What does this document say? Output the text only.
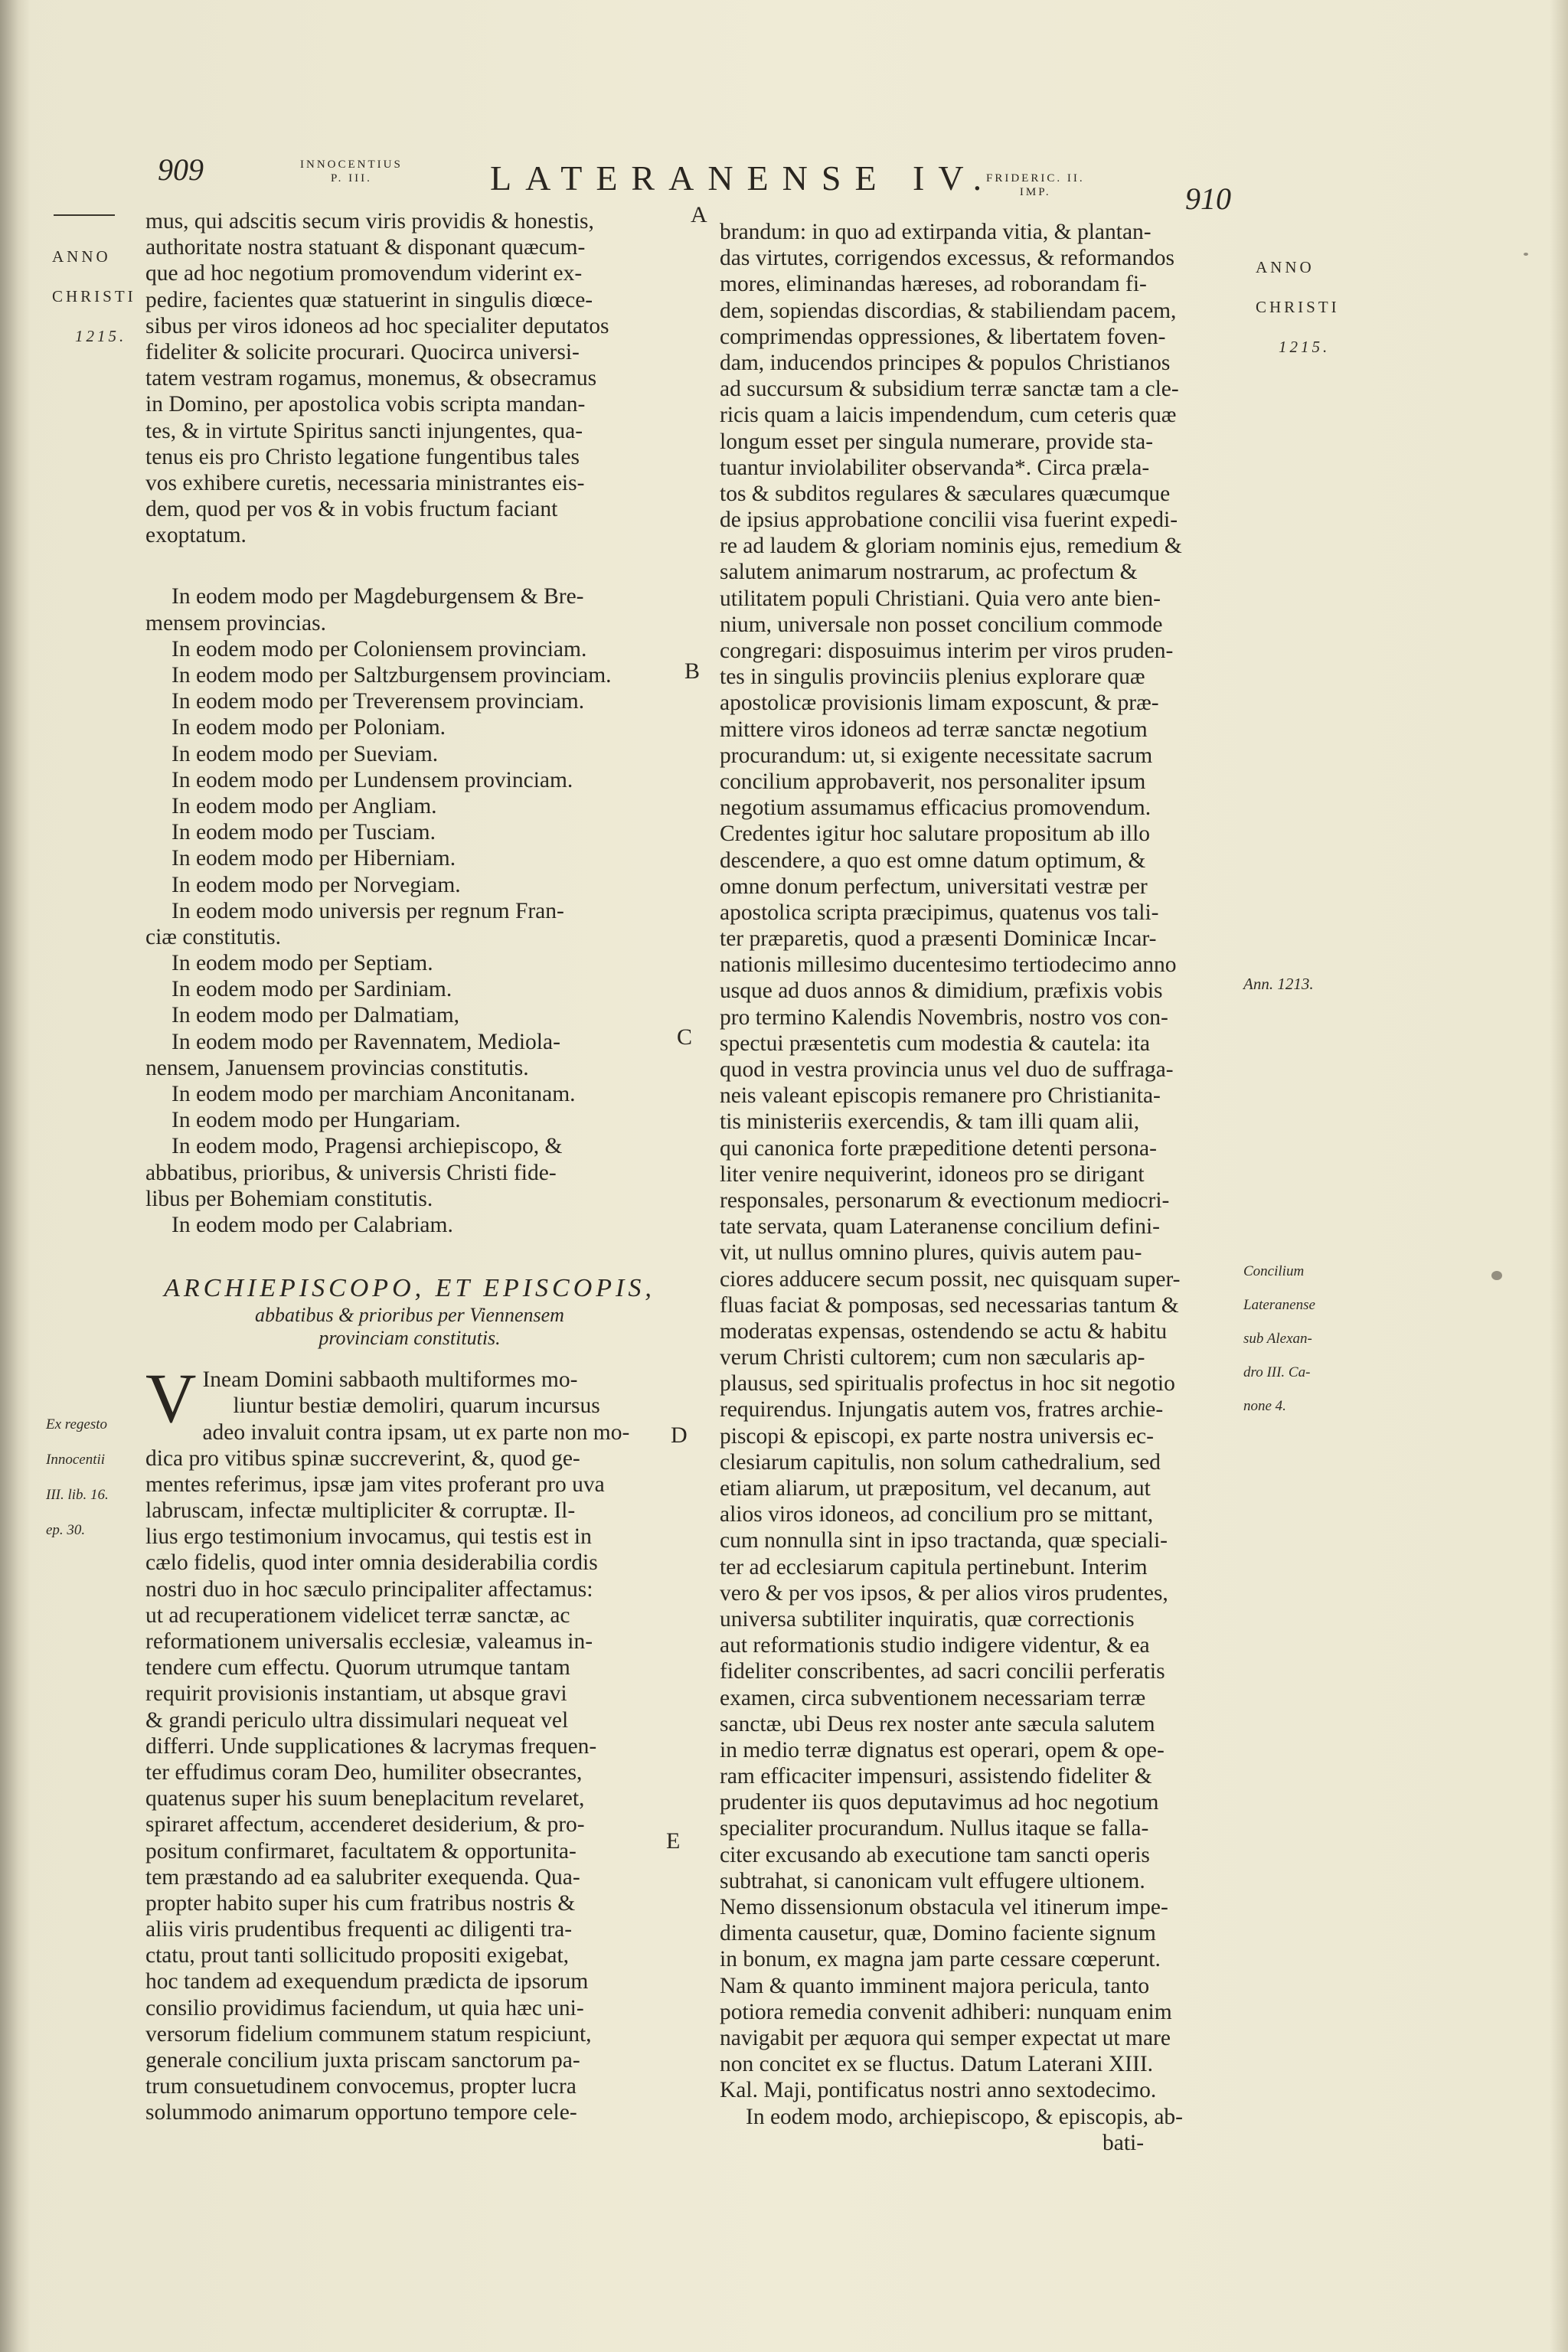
909	INNOCENTIUS
P. III.	LATERANENSE IV.
FRIDERIC. II.
IMP.	910

ANNO

CHRISTI

1215.

Ex regesto

Innocentii

III. lib. 16.

ep. 30.

ANNO

CHRISTI

1215.

Ann. 1213.

Concilium

Lateranense

sub Alexan-

dro III. Ca-

none 4.

A
B
C
D
E
mus, qui adscitis secum viris providis & honestis,
authoritate nostra statuant & disponant quæcum-
que ad hoc negotium promovendum viderint ex-
pedire, facientes quæ statuerint in singulis diœce-
sibus per viros idoneos ad hoc specialiter deputatos
fideliter & solicite procurari. Quocirca universi-
tatem vestram rogamus, monemus, & obsecramus
in Domino, per apostolica vobis scripta mandan-
tes, & in virtute Spiritus sancti injungentes, qua-
tenus eis pro Christo legatione fungentibus tales
vos exhibere curetis, necessaria ministrantes eis-
dem, quod per vos & in vobis fructum faciant
exoptatum.
In eodem modo per Magdeburgensem & Bre-
mensem provincias.
In eodem modo per Coloniensem provinciam.
In eodem modo per Saltzburgensem provinciam.
In eodem modo per Treverensem provinciam.
In eodem modo per Poloniam.
In eodem modo per Sueviam.
In eodem modo per Lundensem provinciam.
In eodem modo per Angliam.
In eodem modo per Tusciam.
In eodem modo per Hiberniam.
In eodem modo per Norvegiam.
In eodem modo universis per regnum Fran-
ciæ constitutis.
In eodem modo per Septiam.
In eodem modo per Sardiniam.
In eodem modo per Dalmatiam,
In eodem modo per Ravennatem, Mediola-
nensem, Januensem provincias constitutis.
In eodem modo per marchiam Anconitanam.
In eodem modo per Hungariam.
In eodem modo, Pragensi archiepiscopo, &
abbatibus, prioribus, & universis Christi fide-
libus per Bohemiam constitutis.
In eodem modo per Calabriam.
ARCHIEPISCOPO, ET EPISCOPIS,
abbatibus & prioribus per Viennensem
provinciam constitutis.
V Ineam Domini sabbaoth multiformes mo-
liuntur bestiæ demoliri, quarum incursus
adeo invaluit contra ipsam, ut ex parte non mo-
dica pro vitibus spinæ succreverint, &, quod ge-
mentes referimus, ipsæ jam vites proferant pro uva
labruscam, infectæ multipliciter & corruptæ. Il-
lius ergo testimonium invocamus, qui testis est in
cælo fidelis, quod inter omnia desiderabilia cordis
nostri duo in hoc sæculo principaliter affectamus:
ut ad recuperationem videlicet terræ sanctæ, ac
reformationem universalis ecclesiæ, valeamus in-
tendere cum effectu. Quorum utrumque tantam
requirit provisionis instantiam, ut absque gravi
& grandi periculo ultra dissimulari nequeat vel
differri. Unde supplicationes & lacrymas frequen-
ter effudimus coram Deo, humiliter obsecrantes,
quatenus super his suum beneplacitum revelaret,
spiraret affectum, accenderet desiderium, & pro-
positum confirmaret, facultatem & opportunita-
tem præstando ad ea salubriter exequenda. Qua-
propter habito super his cum fratribus nostris &
aliis viris prudentibus frequenti ac diligenti tra-
ctatu, prout tanti sollicitudo propositi exigebat,
hoc tandem ad exequendum prædicta de ipsorum
consilio providimus faciendum, ut quia hæc uni-
versorum fidelium communem statum respiciunt,
generale concilium juxta priscam sanctorum pa-
trum consuetudinem convocemus, propter lucra
solummodo animarum opportuno tempore cele-
brandum: in quo ad extirpanda vitia, & plantan-
das virtutes, corrigendos excessus, & reformandos
mores, eliminandas hæreses, ad roborandam fi-
dem, sopiendas discordias, & stabiliendam pacem,
comprimendas oppressiones, & libertatem foven-
dam, inducendos principes & populos Christianos
ad succursum & subsidium terræ sanctæ tam a cle-
ricis quam a laicis impendendum, cum ceteris quæ
longum esset per singula numerare, provide sta-
tuantur inviolabiliter observanda*. Circa præla-
tos & subditos regulares & sæculares quæcumque
de ipsius approbatione concilii visa fuerint expedi-
re ad laudem & gloriam nominis ejus, remedium &
salutem animarum nostrarum, ac profectum &
utilitatem populi Christiani. Quia vero ante bien-
nium, universale non posset concilium commode
congregari: disposuimus interim per viros pruden-
tes in singulis provinciis plenius explorare quæ
apostolicæ provisionis limam exposcunt, & præ-
mittere viros idoneos ad terræ sanctæ negotium
procurandum: ut, si exigente necessitate sacrum
concilium approbaverit, nos personaliter ipsum
negotium assumamus efficacius promovendum.
Credentes igitur hoc salutare propositum ab illo
descendere, a quo est omne datum optimum, &
omne donum perfectum, universitati vestræ per
apostolica scripta præcipimus, quatenus vos tali-
ter præparetis, quod a præsenti Dominicæ Incar-
nationis millesimo ducentesimo tertiodecimo anno
usque ad duos annos & dimidium, præfixis vobis
pro termino Kalendis Novembris, nostro vos con-
spectui præsentetis cum modestia & cautela: ita
quod in vestra provincia unus vel duo de suffraga-
neis valeant episcopis remanere pro Christianita-
tis ministeriis exercendis, & tam illi quam alii,
qui canonica forte præpeditione detenti persona-
liter venire nequiverint, idoneos pro se dirigant
responsales, personarum & evectionum mediocri-
tate servata, quam Lateranense concilium defini-
vit, ut nullus omnino plures, quivis autem pau-
ciores adducere secum possit, nec quisquam super-
fluas faciat & pomposas, sed necessarias tantum &
moderatas expensas, ostendendo se actu & habitu
verum Christi cultorem; cum non sæcularis ap-
plausus, sed spiritualis profectus in hoc sit negotio
requirendus. Injungatis autem vos, fratres archie-
piscopi & episcopi, ex parte nostra universis ec-
clesiarum capitulis, non solum cathedralium, sed
etiam aliarum, ut præpositum, vel decanum, aut
alios viros idoneos, ad concilium pro se mittant,
cum nonnulla sint in ipso tractanda, quæ speciali-
ter ad ecclesiarum capitula pertinebunt. Interim
vero & per vos ipsos, & per alios viros prudentes,
universa subtiliter inquiratis, quæ correctionis
aut reformationis studio indigere videntur, & ea
fideliter conscribentes, ad sacri concilii perferatis
examen, circa subventionem necessariam terræ
sanctæ, ubi Deus rex noster ante sæcula salutem
in medio terræ dignatus est operari, opem & ope-
ram efficaciter impensuri, assistendo fideliter &
prudenter iis quos deputavimus ad hoc negotium
specialiter procurandum. Nullus itaque se falla-
citer excusando ab executione tam sancti operis
subtrahat, si canonicam vult effugere ultionem.
Nemo dissensionum obstacula vel itinerum impe-
dimenta causetur, quæ, Domino faciente signum
in bonum, ex magna jam parte cessare cœperunt.
Nam & quanto imminent majora pericula, tanto
potiora remedia convenit adhiberi: nunquam enim
navigabit per æquora qui semper expectat ut mare
non concitet ex se fluctus. Datum Laterani XIII.
Kal. Maji, pontificatus nostri anno sextodecimo.
In eodem modo, archiepiscopo, & episcopis, ab-
bati-
